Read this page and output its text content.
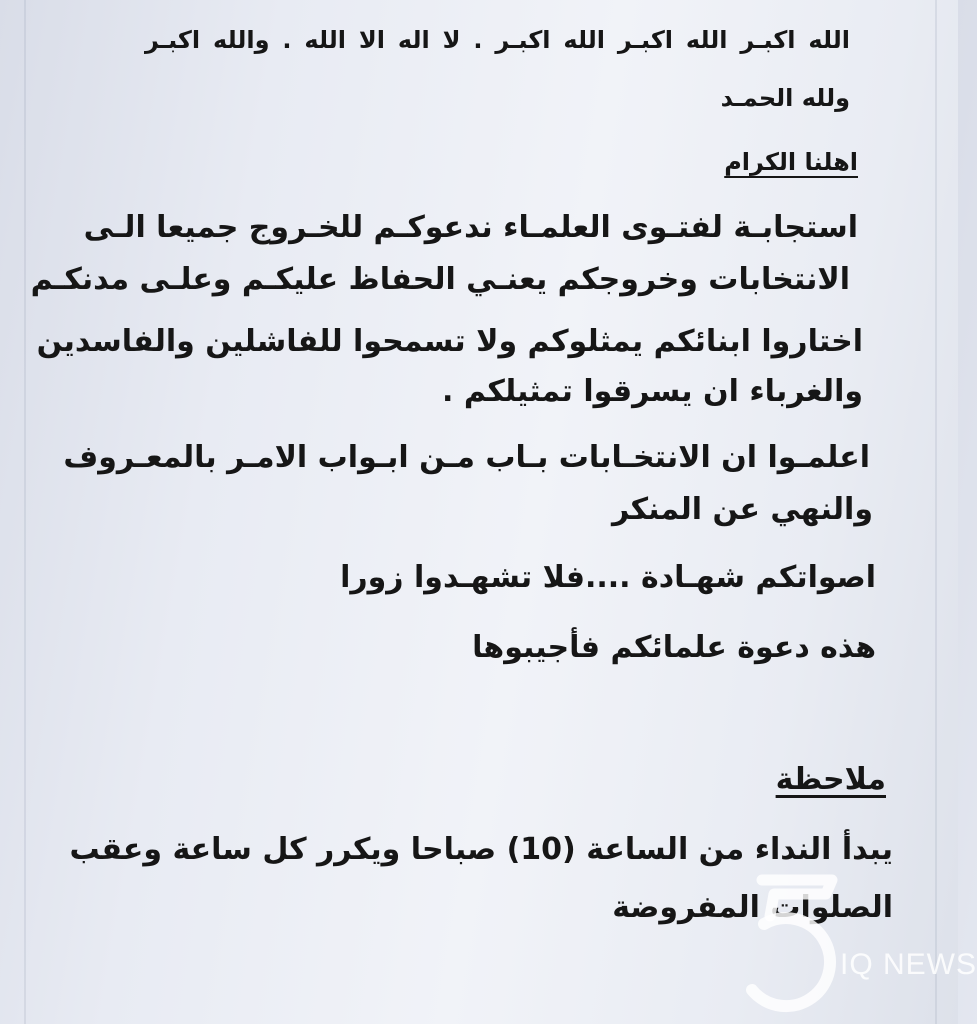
الله اكبـر الله اكبـر الله اكبـر . لا اله الا الله . والله اكبـر
ولله الحمـد
اهلنا الكرام
استجابـة لفتـوى العلمـاء ندعوكـم للخـروج جميعا الـى
الانتخابات وخروجكم يعنـي الحفاظ عليكـم وعلـى مدنكـم
اختاروا ابنائكم يمثلوكم ولا تسمحوا للفاشلين والفاسدين
والغرباء ان يسرقوا تمثيلكم .
اعلمـوا ان الانتخـابات بـاب مـن ابـواب الامـر بالمعـروف
والنهي عن المنكر
اصواتكم شهـادة ....فلا تشهـدوا زورا
هذه دعوة علمائكم فأجيبوها
ملاحظة
يبدأ النداء من الساعة (10) صباحا ويكرر كل ساعة وعقب
الصلوات المفروضة
IQ NEWS
